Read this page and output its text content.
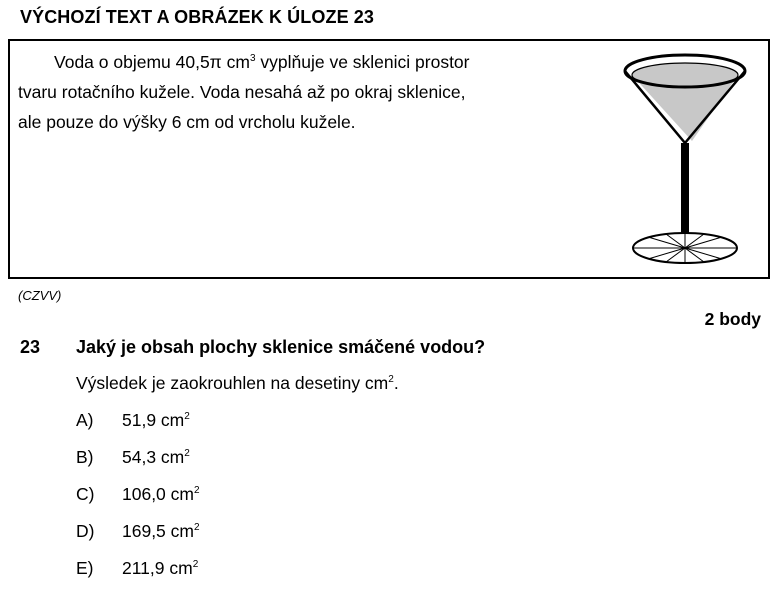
VÝCHOZÍ TEXT A OBRÁZEK K ÚLOZE 23

Voda o objemu 40,5π $cm^3$ vyplňuje ve sklenici prostor

tvaru rotačního kužele. Voda nesahá až po okraj sklenice,

ale pouze do výšky 6 cm od vrcholu kužele.

(CZVV)
2 body
23 Jaký je obsah plochy sklenice smáčené vodou?
Výsledek je zaokrouhlen na desetiny $cm^2$.
A) 51,9 $cm^2$
B) 54,3 $cm^2$
C) 106,0 $cm^2$
D) 169,5 $cm^2$
E) 211,9 $cm^2$
